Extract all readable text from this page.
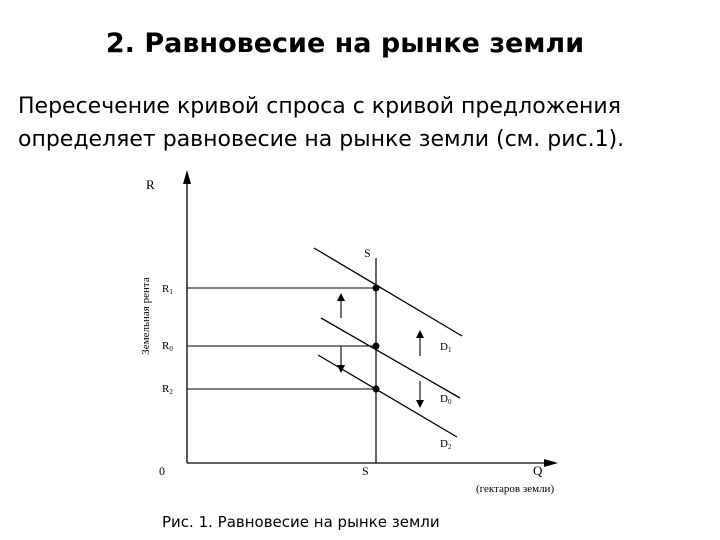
2. Равновесие на рынке земли
Пересечение кривой спроса с кривой предложения
определяет равновесие на рынке земли (см. рис.1).
R
Земельная рента
Q
(гектаров земли)
0
S
S
R1
R0
R2
D1
D0
D2
Рис. 1. Равновесие на рынке земли
